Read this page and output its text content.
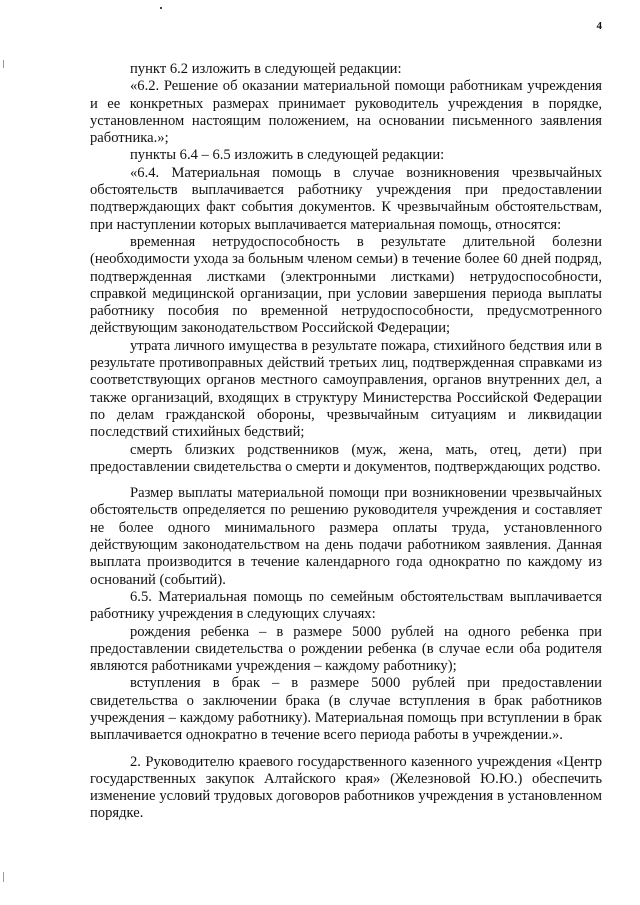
4

пункт 6.2 изложить в следующей редакции:

«6.2. Решение об оказании материальной помощи работникам учреждения и ее конкретных размерах принимает руководитель учреждения в порядке, установленном настоящим положением, на основании письменного заявления работника.»;

пункты 6.4 – 6.5 изложить в следующей редакции:

«6.4. Материальная помощь в случае возникновения чрезвычайных обстоятельств выплачивается работнику учреждения при предоставлении подтверждающих факт события документов. К чрезвычайным обстоятельствам, при наступлении которых выплачивается материальная помощь, относятся:

временная нетрудоспособность в результате длительной болезни (необходимости ухода за больным членом семьи) в течение более 60 дней подряд, подтвержденная листками (электронными листками) нетрудоспособности, справкой медицинской организации, при условии завершения периода выплаты работнику пособия по временной нетрудоспособности, предусмотренного действующим законодательством Российской Федерации;

утрата личного имущества в результате пожара, стихийного бедствия или в результате противоправных действий третьих лиц, подтвержденная справками из соответствующих органов местного самоуправления, органов внутренних дел, а также организаций, входящих в структуру Министерства Российской Федерации по делам гражданской обороны, чрезвычайным ситуациям и ликвидации последствий стихийных бедствий;

смерть близких родственников (муж, жена, мать, отец, дети) при предоставлении свидетельства о смерти и документов, подтверждающих родство.

Размер выплаты материальной помощи при возникновении чрезвычайных обстоятельств определяется по решению руководителя учреждения и составляет не более одного минимального размера оплаты труда, установленного действующим законодательством на день подачи работником заявления. Данная выплата производится в течение календарного года однократно по каждому из оснований (событий).

6.5. Материальная помощь по семейным обстоятельствам выплачивается работнику учреждения в следующих случаях:

рождения ребенка – в размере 5000 рублей на одного ребенка при предоставлении свидетельства о рождении ребенка (в случае если оба родителя являются работниками учреждения – каждому работнику);

вступления в брак – в размере 5000 рублей при предоставлении свидетельства о заключении брака (в случае вступления в брак работников учреждения – каждому работнику). Материальная помощь при вступлении в брак выплачивается однократно в течение всего периода работы в учреждении.».

2. Руководителю краевого государственного казенного учреждения «Центр государственных закупок Алтайского края» (Железновой Ю.Ю.) обеспечить изменение условий трудовых договоров работников учреждения в установленном порядке.
